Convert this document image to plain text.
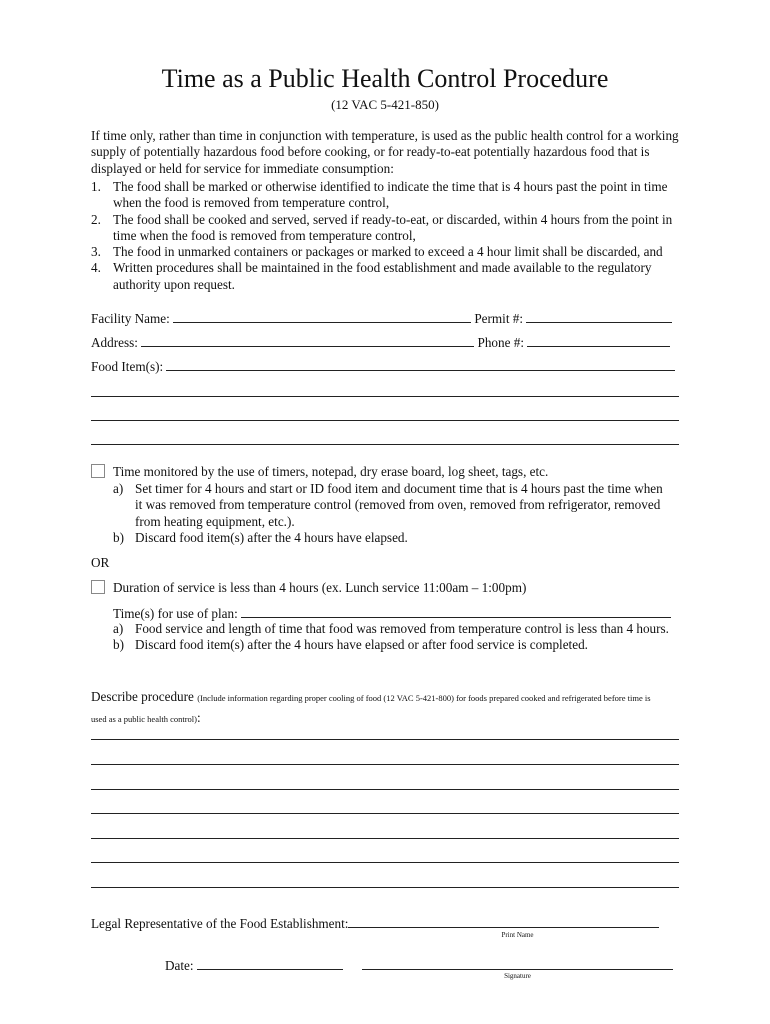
Time as a Public Health Control Procedure
(12 VAC 5-421-850)
If time only, rather than time in conjunction with temperature, is used as the public health control for a working supply of potentially hazardous food before cooking, or for ready-to-eat potentially hazardous food that is displayed or held for service for immediate consumption:
1. The food shall be marked or otherwise identified to indicate the time that is 4 hours past the point in time when the food is removed from temperature control,
2. The food shall be cooked and served, served if ready-to-eat, or discarded, within 4 hours from the point in time when the food is removed from temperature control,
3. The food in unmarked containers or packages or marked to exceed a 4 hour limit shall be discarded, and
4. Written procedures shall be maintained in the food establishment and made available to the regulatory authority upon request.
Facility Name:	Permit #:
Address:	Phone #:
Food Item(s):
Time monitored by the use of timers, notepad, dry erase board, log sheet, tags, etc.
a) Set timer for 4 hours and start or ID food item and document time that is 4 hours past the time when it was removed from temperature control (removed from oven, removed from refrigerator, removed from heating equipment, etc.).
b) Discard food item(s) after the 4 hours have elapsed.
OR
Duration of service is less than 4 hours (ex. Lunch service 11:00am – 1:00pm)
Time(s) for use of plan:
a) Food service and length of time that food was removed from temperature control is less than 4 hours.
b) Discard food item(s) after the 4 hours have elapsed or after food service is completed.
Describe procedure (Include information regarding proper cooling of food (12 VAC 5-421-800) for foods prepared cooked and refrigerated before time is used as a public health control):
Legal Representative of the Food Establishment:
Print Name
Date:
Signature
